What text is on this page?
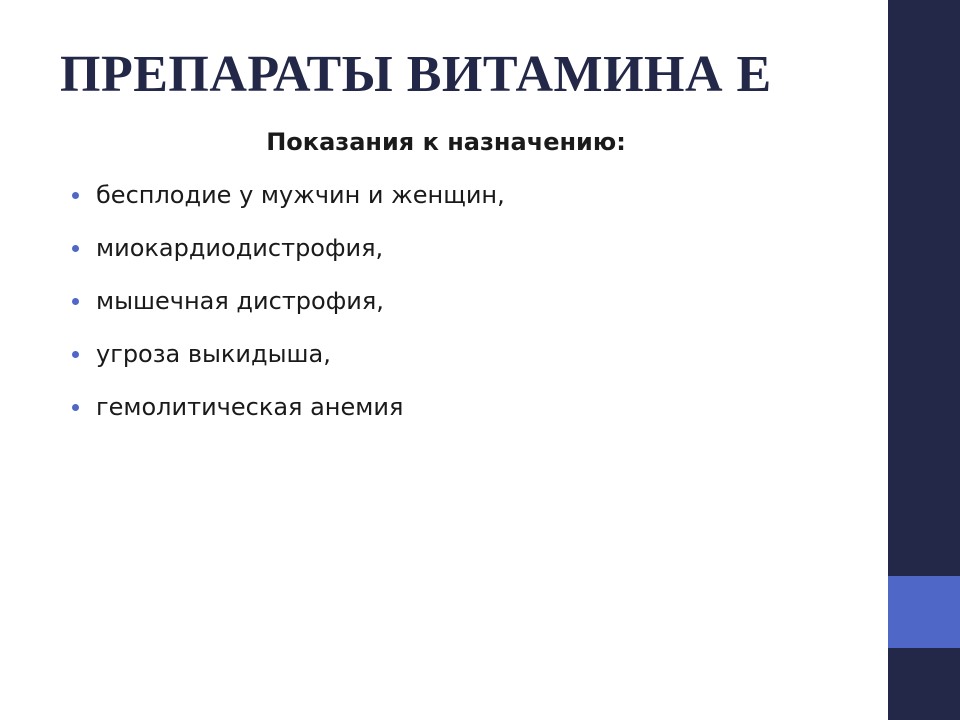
ПРЕПАРАТЫ ВИТАМИНА Е
Показания к назначению:
бесплодие у мужчин и женщин,
миокардиодистрофия,
мышечная дистрофия,
угроза выкидыша,
гемолитическая анемия
